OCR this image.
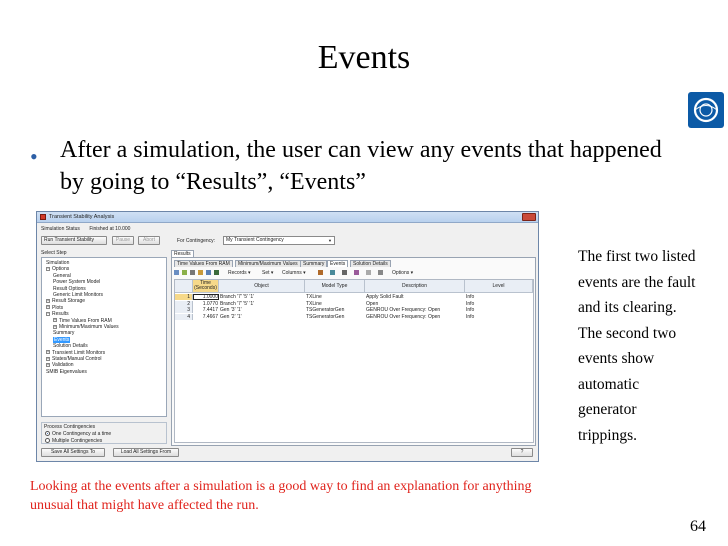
Events
• After a simulation, the user can view any events that happened by going to “Results”, “Events”
The first two listed events are the fault and its clearing. The second two events show automatic generator trippings.
Looking at the events after a simulation is a good way to find an explanation for anything unusual that might have affected the run.
64
Transient Stability Analysis
Simulation Status Finished at 10.000
Run Transient Stability	Pause	Abort	For Contingency:	My Transient Contingency	▼
Select Step
Simulation
− Options
General
Power System Model
Result Options
Generic Limit Monitors
+ Result Storage
+ Plots
− Results
+ Time Values From RAM
+ Minimum/Maximum Values
Summary
Events
Solution Details
+ Transient Limit Monitors
+ States/Manual Control
+ Validation
SMIB Eigenvalues
Process Contingencies
One Contingency at a time
Multiple Contingencies
Save All Settings To	Load All Settings From	?
Results
Time Values From RAM	Minimum/Maximum Values	Summary	Events	Solution Details
Records ▾ Set ▾ Columns ▾	Options ▾
Time (Seconds)	Object	Model Type	Description	Level
1	1.0000 Branch '7' '5' '1'	TXLine	Apply Solid Fault	Info
2	1.0770 Branch '7' '5' '1'	TXLine	Open	Info
3	7.4417 Gen '3' '1'	TSGeneratorGen	GENROU Over Frequency: Open	Info
4	7.4667 Gen '2' '1'	TSGeneratorGen	GENROU Over Frequency: Open	Info
